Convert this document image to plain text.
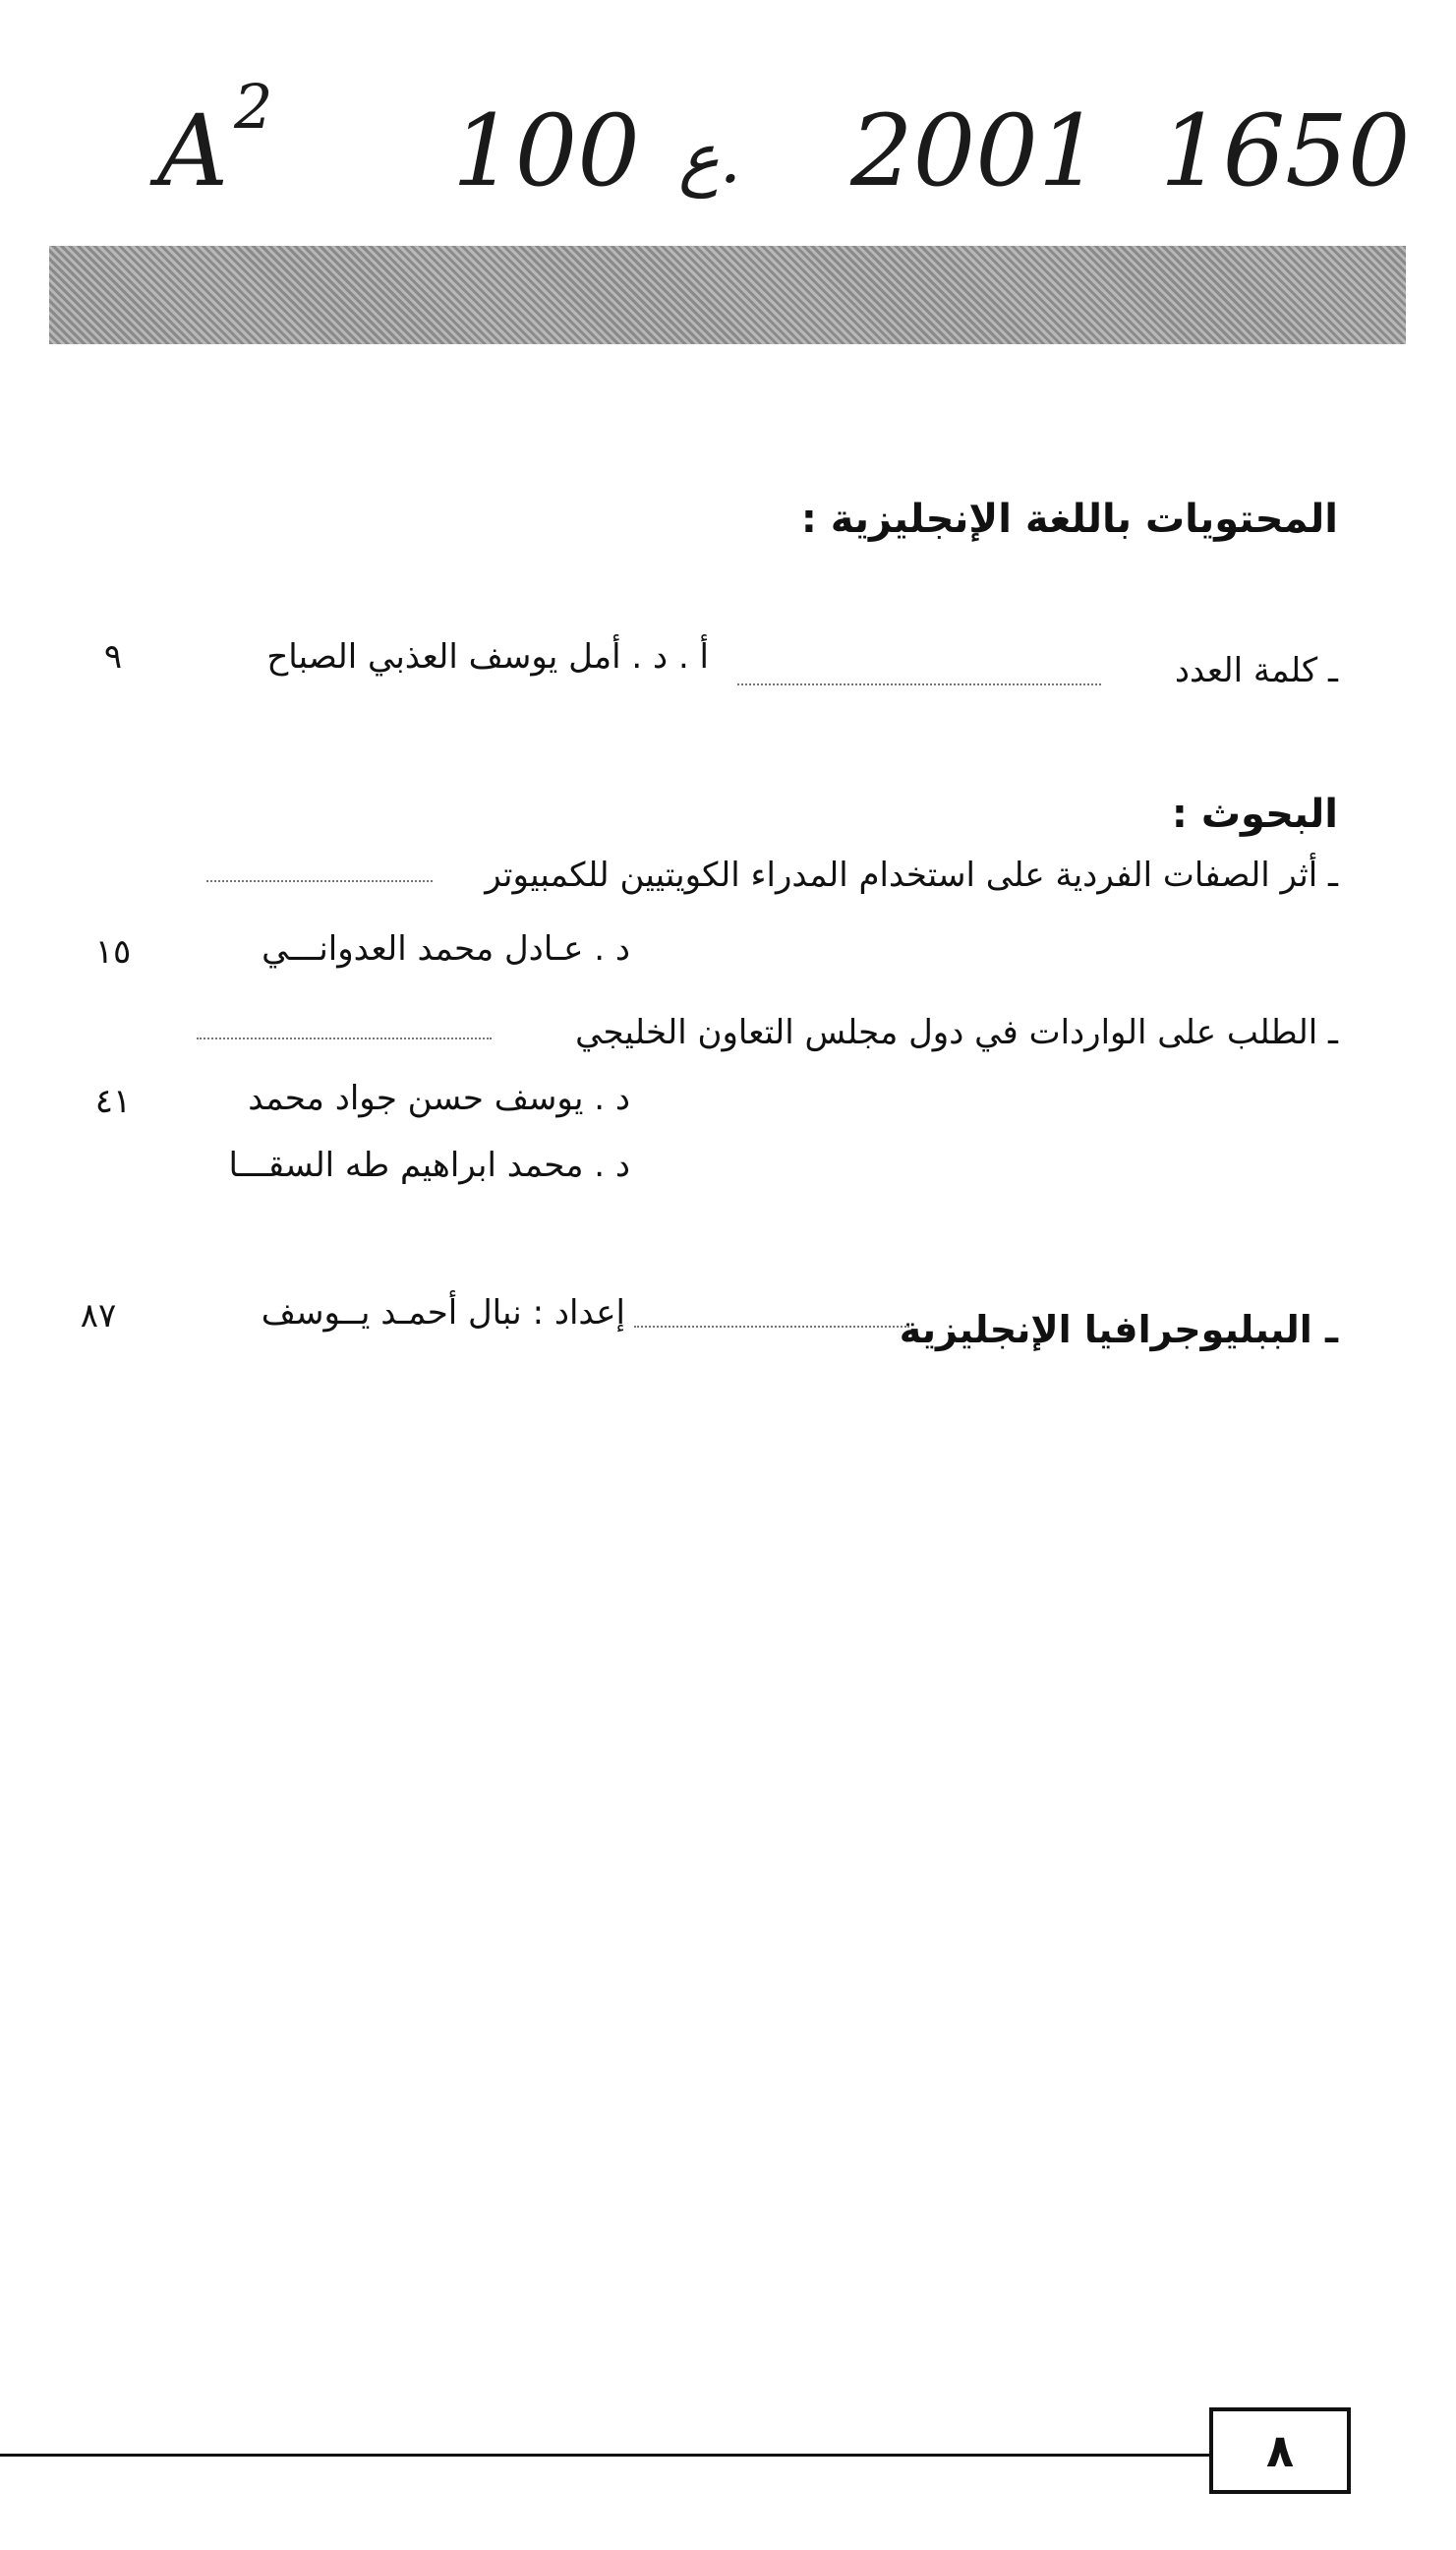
A 2 100 .ع 2001 1650
المحتويات باللغة الإنجليزية :
ـ كلمة العدد
أ . د . أمل يوسف العذبي الصباح
٩
البحوث :
ـ أثر الصفات الفردية على استخدام المدراء الكويتيين للكمبيوتر
د . عـادل محمد العدوانـــي
١٥
ـ الطلب على الواردات في دول مجلس التعاون الخليجي
د . يوسف حسن جواد محمد
٤١
د . محمد ابراهيم طه السقـــا
ـ الببليوجرافيا الإنجليزية
إعداد : نبال أحمـد يــوسف
٨٧
٨
